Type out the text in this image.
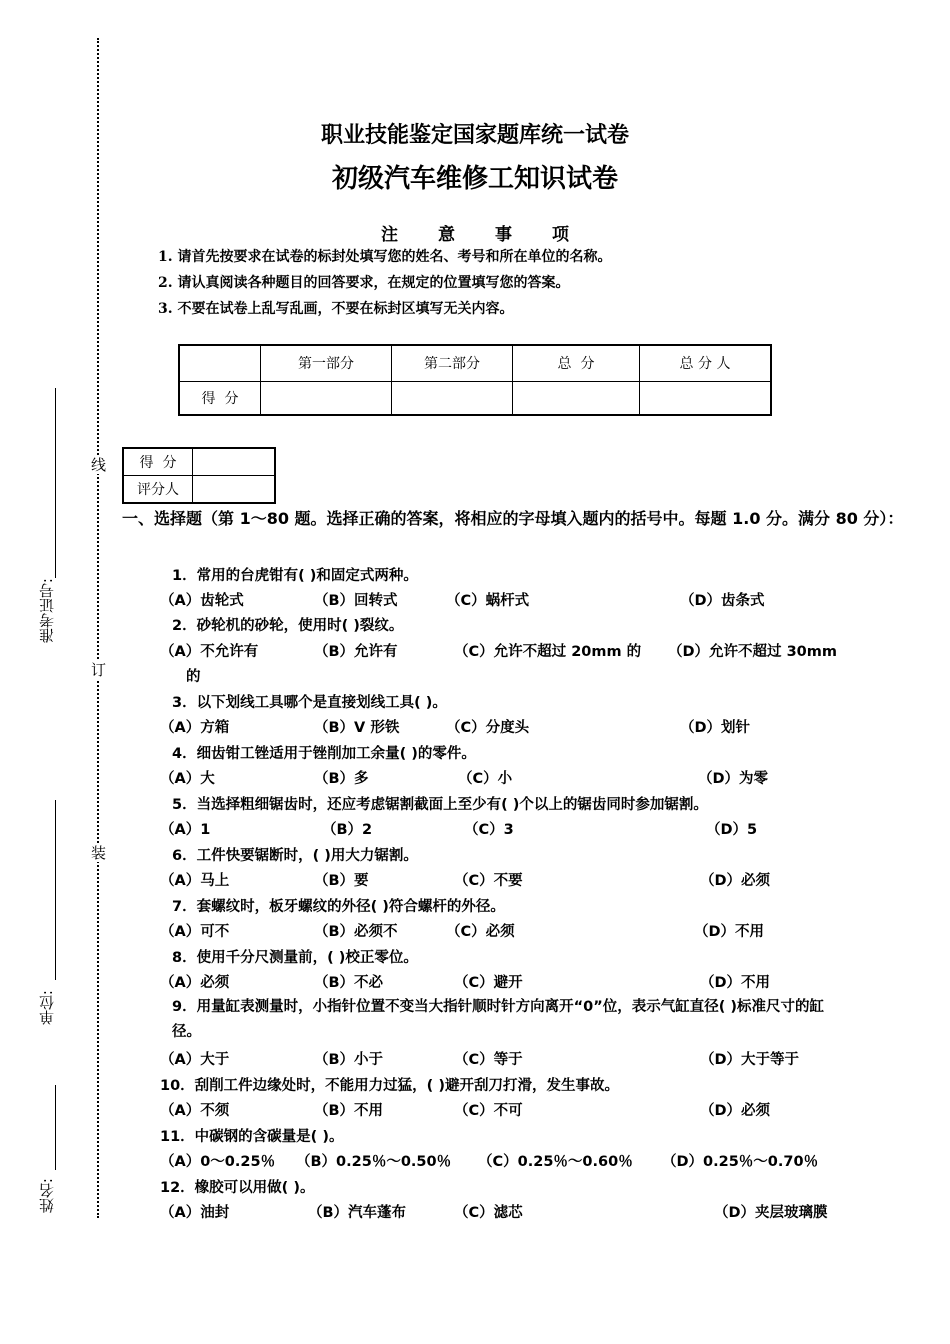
线
订
装
准考证号:
单位:
姓名:
职业技能鉴定国家题库统一试卷
初级汽车维修工知识试卷
注意事项
1. 请首先按要求在试卷的标封处填写您的姓名、考号和所在单位的名称。
2. 请认真阅读各种题目的回答要求，在规定的位置填写您的答案。
3. 不要在试卷上乱写乱画，不要在标封区填写无关内容。
	第一部分	第二部分	总  分	总 分 人
得  分				
得  分	
评分人	
一、选择题（第 1～80 题。选择正确的答案，将相应的字母填入题内的括号中。每题 1.0 分。满分 80 分）：
1．常用的台虎钳有( )和固定式两种。
（A）齿轮式	（B）回转式	（C）蜗杆式	（D）齿条式
2．砂轮机的砂轮，使用时( )裂纹。
（A）不允许有	（B）允许有	（C）允许不超过 20mm 的 （D）允许不超过 30mm
的
3．以下划线工具哪个是直接划线工具( )。
（A）方箱	（B）V 形铁	（C）分度头	（D）划针
4．细齿钳工锉适用于锉削加工余量( )的零件。
（A）大	（B）多	（C）小	（D）为零
5．当选择粗细锯齿时，还应考虑锯割截面上至少有( )个以上的锯齿同时参加锯割。
（A）1	（B）2	（C）3	（D）5
6．工件快要锯断时，( )用大力锯割。
（A）马上	（B）要	（C）不要	（D）必须
7．套螺纹时，板牙螺纹的外径( )符合螺杆的外径。
（A）可不	（B）必须不	（C）必须	（D）不用
8．使用千分尺测量前，( )校正零位。
（A）必须	（B）不必	（C）避开	（D）不用
9．用量缸表测量时，小指针位置不变当大指针顺时针方向离开“0”位，表示气缸直径( )标准尺寸的缸径。
（A）大于	（B）小于	（C）等于	（D）大于等于
10．刮削工件边缘处时，不能用力过猛，( )避开刮刀打滑，发生事故。
（A）不须	（B）不用	（C）不可	（D）必须
11．中碳钢的含碳量是( )。
（A）0～0.25％ （B）0.25％～0.50％ （C）0.25％～0.60％ （D）0.25％～0.70％
12．橡胶可以用做( )。
（A）油封	（B）汽车蓬布	（C）滤芯	（D）夹层玻璃膜
